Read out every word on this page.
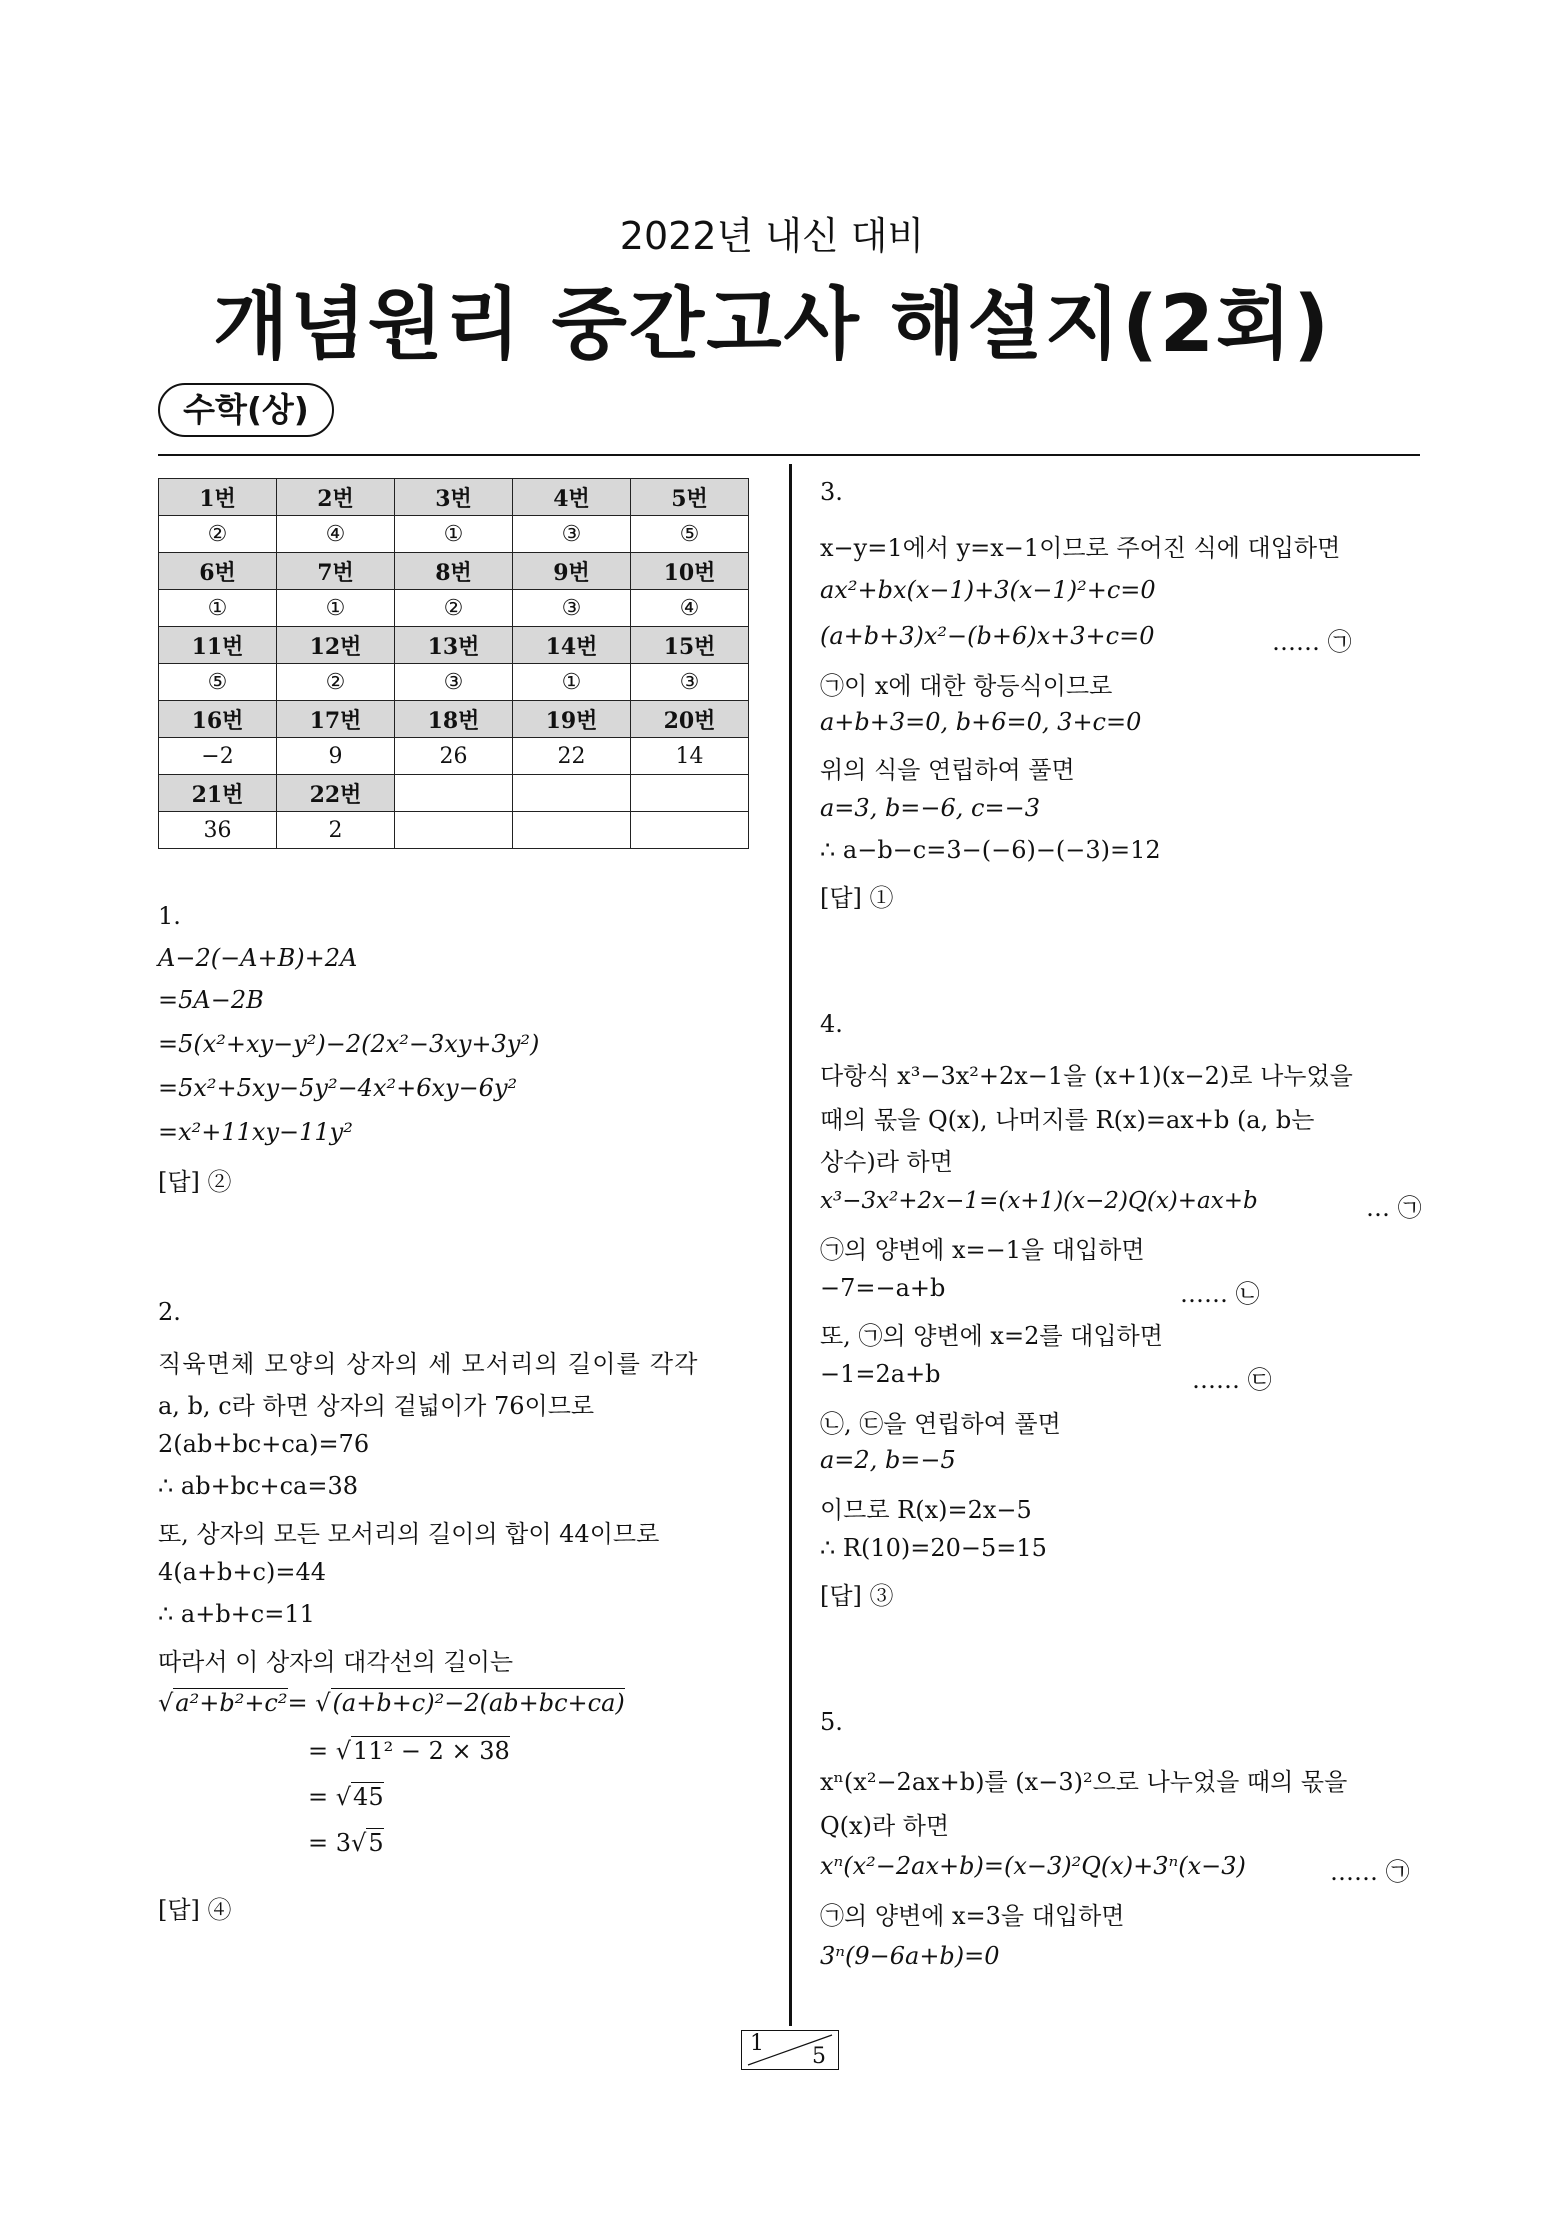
2022년 내신 대비
개념원리 중간고사 해설지(2회)
수학(상)
1번	2번	3번	4번	5번
②	④	①	③	⑤
6번	7번	8번	9번	10번
①	①	②	③	④
11번	12번	13번	14번	15번
⑤	②	③	①	③
16번	17번	18번	19번	20번
−2	9	26	22	14
21번	22번			
36	2			
1.
A−2(−A+B)+2A
=5A−2B
=5(x²+xy−y²)−2(2x²−3xy+3y²)
=5x²+5xy−5y²−4x²+6xy−6y²
=x²+11xy−11y²
[답] ②
2.
직육면체 모양의 상자의 세 모서리의 길이를 각각
a, b, c라 하면 상자의 겉넓이가 76이므로
2(ab+bc+ca)=76
∴ ab+bc+ca=38
또, 상자의 모든 모서리의 길이의 합이 44이므로
4(a+b+c)=44
∴ a+b+c=11
따라서 이 상자의 대각선의 길이는
√a²+b²+c²= √(a+b+c)²−2(ab+bc+ca)
= √11² − 2 × 38
= √45
= 3√5
[답] ④
3.
x−y=1에서 y=x−1이므로 주어진 식에 대입하면
ax²+bx(x−1)+3(x−1)²+c=0
(a+b+3)x²−(b+6)x+3+c=0	…… ㉠
㉠이 x에 대한 항등식이므로
a+b+3=0, b+6=0, 3+c=0
위의 식을 연립하여 풀면
a=3, b=−6, c=−3
∴ a−b−c=3−(−6)−(−3)=12
[답] ①
4.
다항식 x³−3x²+2x−1을 (x+1)(x−2)로 나누었을
때의 몫을 Q(x), 나머지를 R(x)=ax+b (a, b는
상수)라 하면
x³−3x²+2x−1=(x+1)(x−2)Q(x)+ax+b	… ㉠
㉠의 양변에 x=−1을 대입하면
−7=−a+b	…… ㉡
또, ㉠의 양변에 x=2를 대입하면
−1=2a+b	…… ㉢
㉡, ㉢을 연립하여 풀면
a=2, b=−5
이므로 R(x)=2x−5
∴ R(10)=20−5=15
[답] ③
5.
xⁿ(x²−2ax+b)를 (x−3)²으로 나누었을 때의 몫을
Q(x)라 하면
xⁿ(x²−2ax+b)=(x−3)²Q(x)+3ⁿ(x−3)	…… ㉠
㉠의 양변에 x=3을 대입하면
3ⁿ(9−6a+b)=0
1
5
